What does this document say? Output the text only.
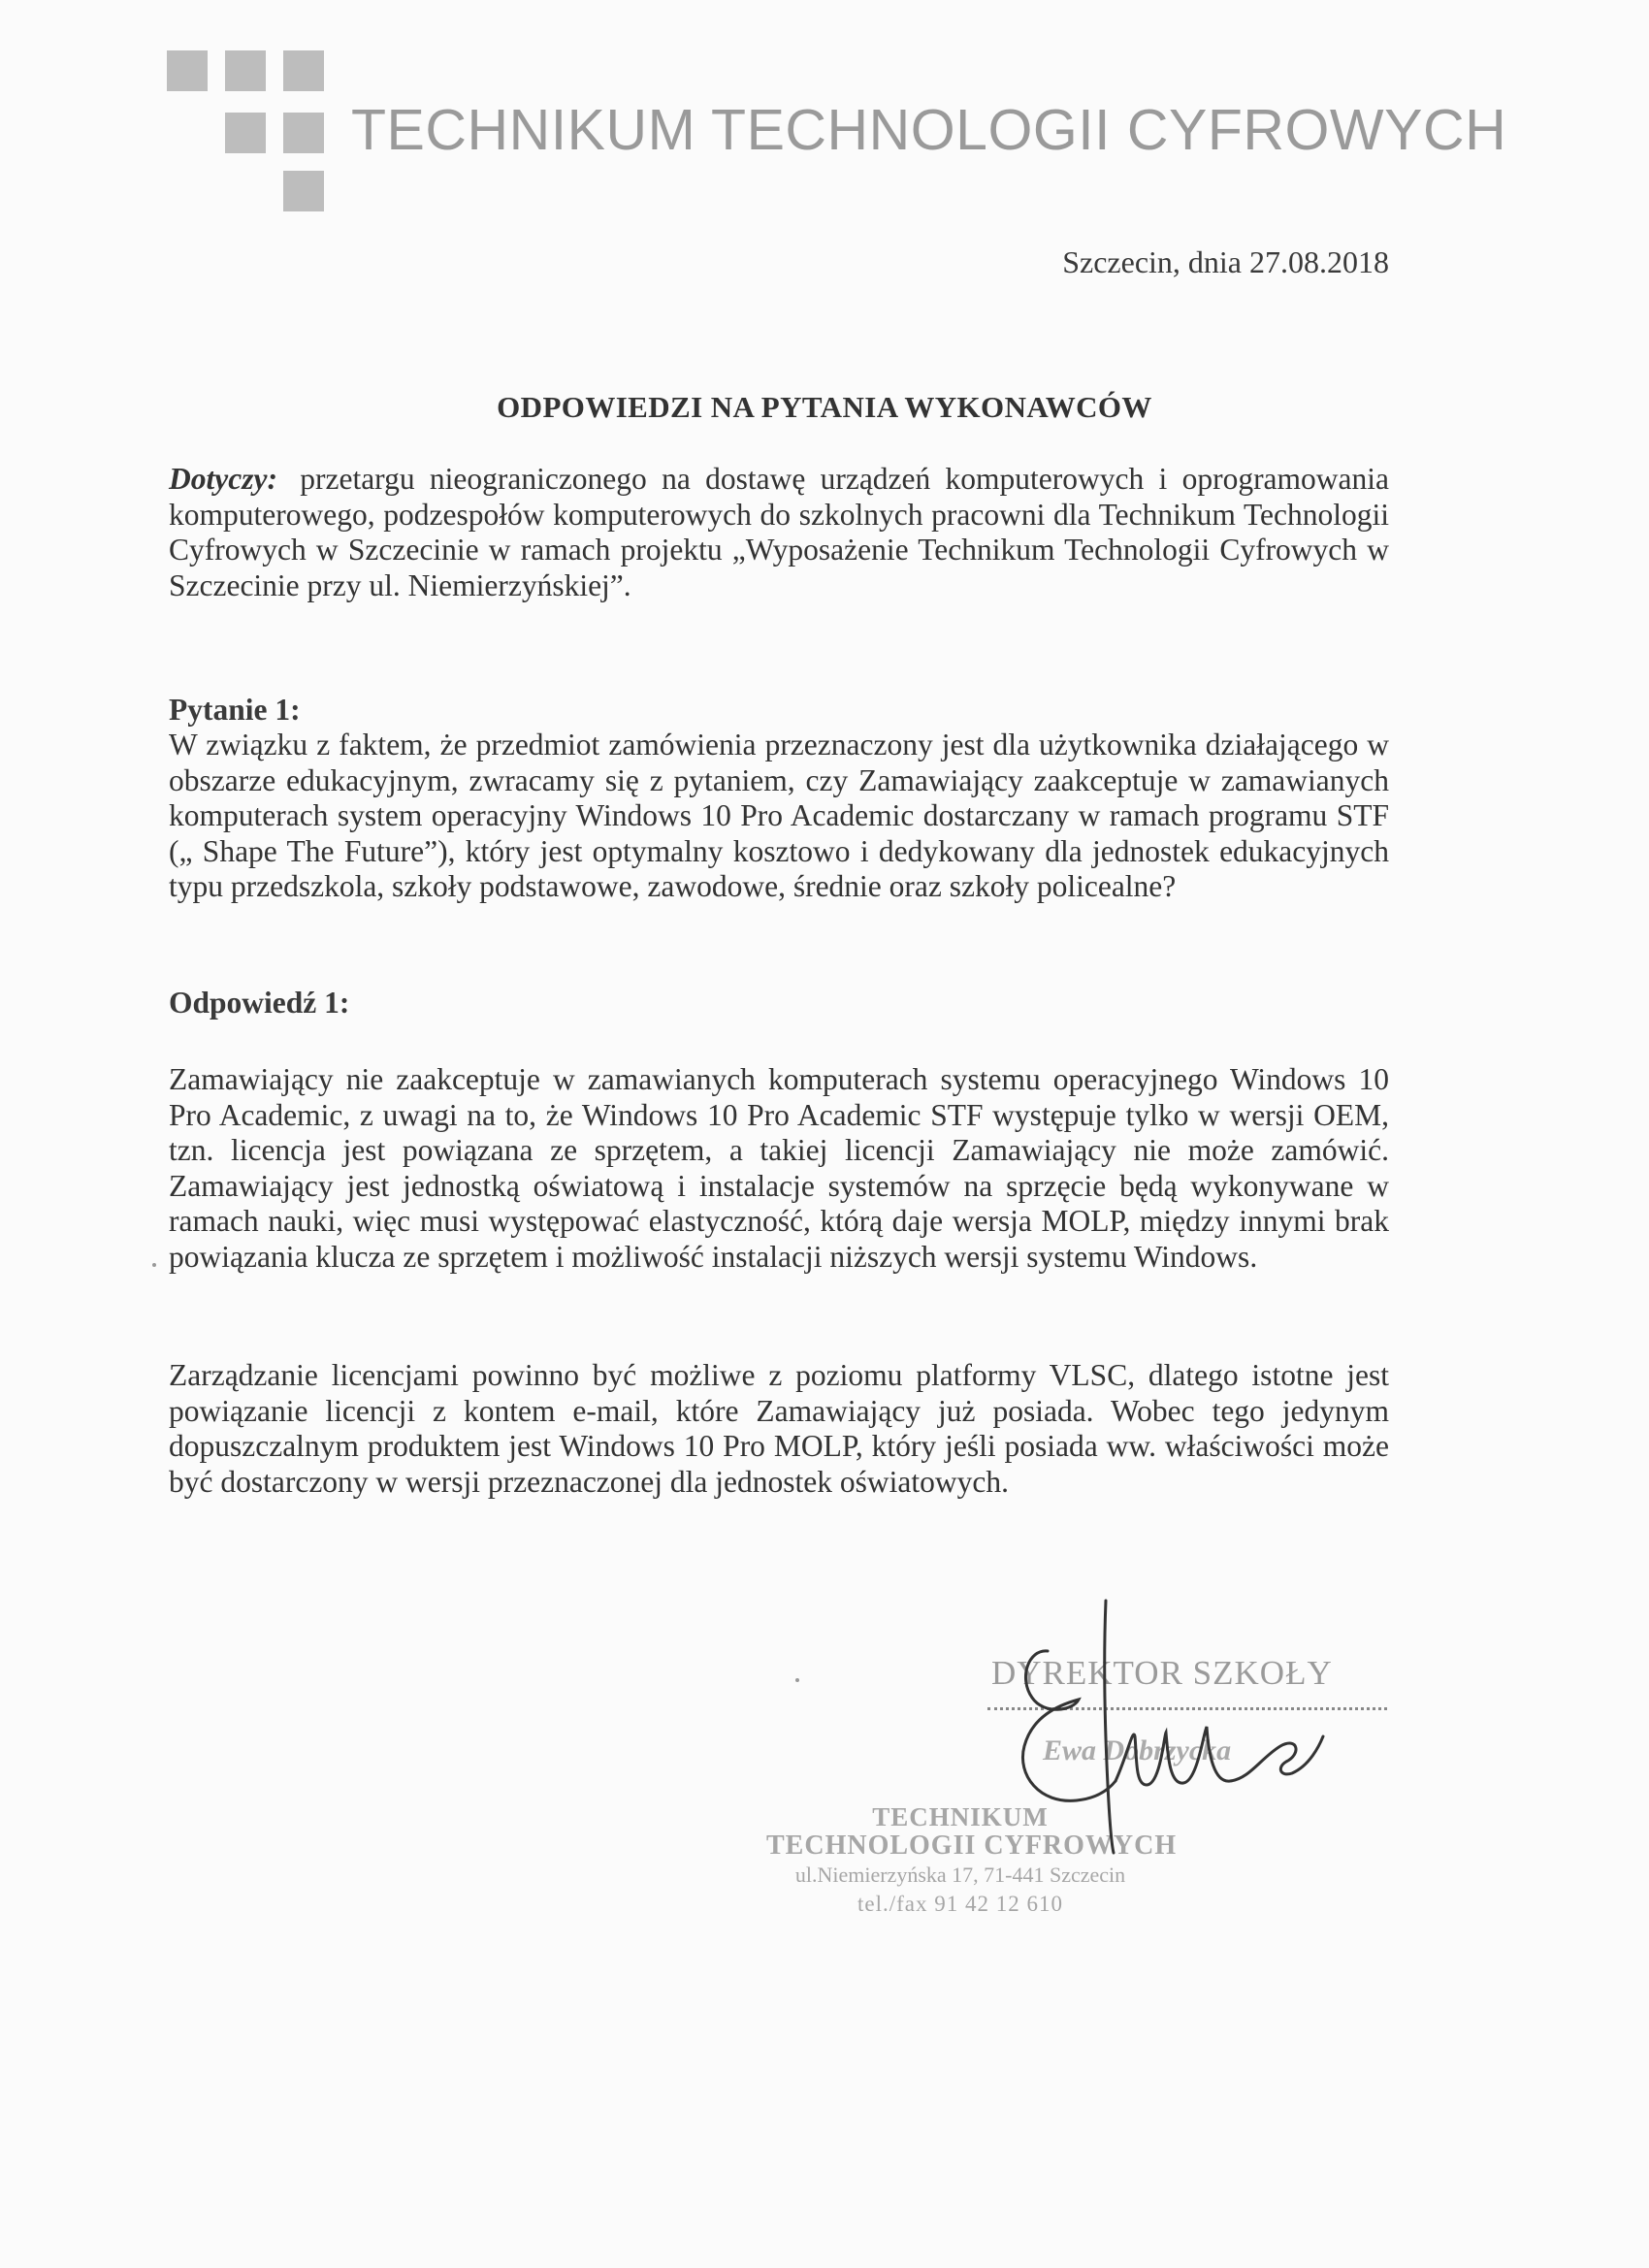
TECHNIKUM TECHNOLOGII CYFROWYCH
Szczecin, dnia 27.08.2018
ODPOWIEDZI NA PYTANIA WYKONAWCÓW
Dotyczy: przetargu nieograniczonego na dostawę urządzeń komputerowych i oprogramowania komputerowego, podzespołów komputerowych do szkolnych pracowni dla Technikum Technologii Cyfrowych w Szczecinie w ramach projektu „Wyposażenie Technikum Technologii Cyfrowych w Szczecinie przy ul. Niemierzyńskiej”.
Pytanie 1:
W związku z faktem, że przedmiot zamówienia przeznaczony jest dla użytkownika działającego w obszarze edukacyjnym, zwracamy się z pytaniem, czy Zamawiający zaakceptuje w zamawianych komputerach system operacyjny Windows 10 Pro Academic dostarczany w ramach programu STF („ Shape The Future”), który jest optymalny kosztowo i dedykowany dla jednostek edukacyjnych typu przedszkola, szkoły podstawowe, zawodowe, średnie oraz szkoły policealne?
Odpowiedź 1:
Zamawiający nie zaakceptuje w zamawianych komputerach systemu operacyjnego Windows 10 Pro Academic, z uwagi na to, że Windows 10 Pro Academic STF występuje tylko w wersji OEM, tzn. licencja jest powiązana ze sprzętem, a takiej licencji Zamawiający nie może zamówić. Zamawiający jest jednostką oświatową i instalacje systemów na sprzęcie będą wykonywane w ramach nauki, więc musi występować elastyczność, którą daje wersja MOLP, między innymi brak powiązania klucza ze sprzętem i możliwość instalacji niższych wersji systemu Windows.
Zarządzanie licencjami powinno być możliwe z poziomu platformy VLSC, dlatego istotne jest powiązanie licencji z kontem e-mail, które Zamawiający już posiada. Wobec tego jedynym dopuszczalnym produktem jest Windows 10 Pro MOLP, który jeśli posiada ww. właściwości może być dostarczony w wersji przeznaczonej dla jednostek oświatowych.
DYREKTOR SZKOŁY
Ewa Dobrzycka
TECHNIKUM
TECHNOLOGII CYFROWYCH
ul.Niemierzyńska 17, 71-441 Szczecin
tel./fax 91 42 12 610
